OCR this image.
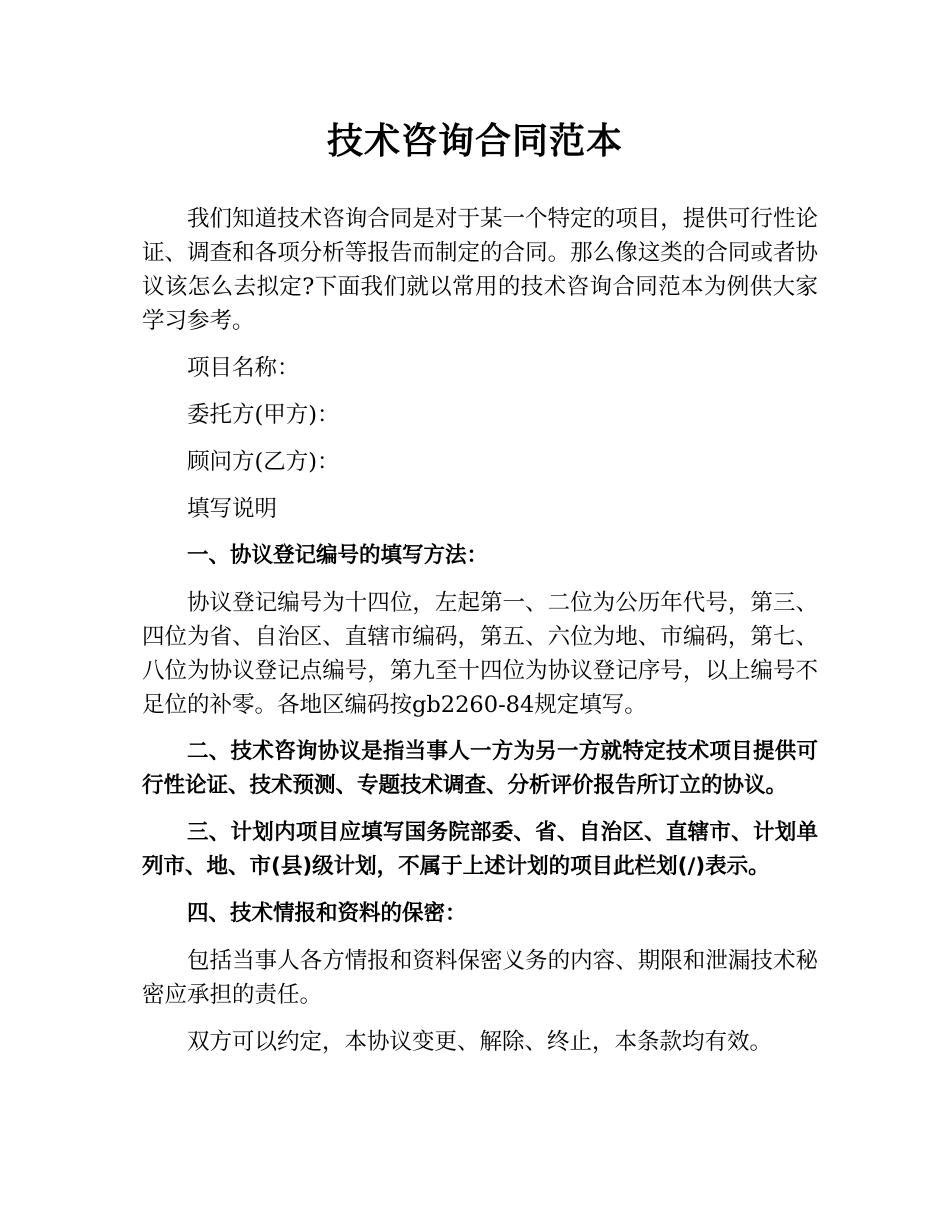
技术咨询合同范本

我们知道技术咨询合同是对于某一个特定的项目，提供可行性论证、调查和各项分析等报告而制定的合同。那么像这类的合同或者协议该怎么去拟定?下面我们就以常用的技术咨询合同范本为例供大家学习参考。

项目名称：

委托方(甲方)：

顾问方(乙方)：

填写说明

一、协议登记编号的填写方法：

协议登记编号为十四位，左起第一、二位为公历年代号，第三、四位为省、自治区、直辖市编码，第五、六位为地、市编码，第七、八位为协议登记点编号，第九至十四位为协议登记序号，以上编号不足位的补零。各地区编码按gb2260-84规定填写。

二、技术咨询协议是指当事人一方为另一方就特定技术项目提供可行性论证、技术预测、专题技术调查、分析评价报告所订立的协议。

三、计划内项目应填写国务院部委、省、自治区、直辖市、计划单列市、地、市(县)级计划，不属于上述计划的项目此栏划(/)表示。

四、技术情报和资料的保密：

包括当事人各方情报和资料保密义务的内容、期限和泄漏技术秘密应承担的责任。

双方可以约定，本协议变更、解除、终止，本条款均有效。
